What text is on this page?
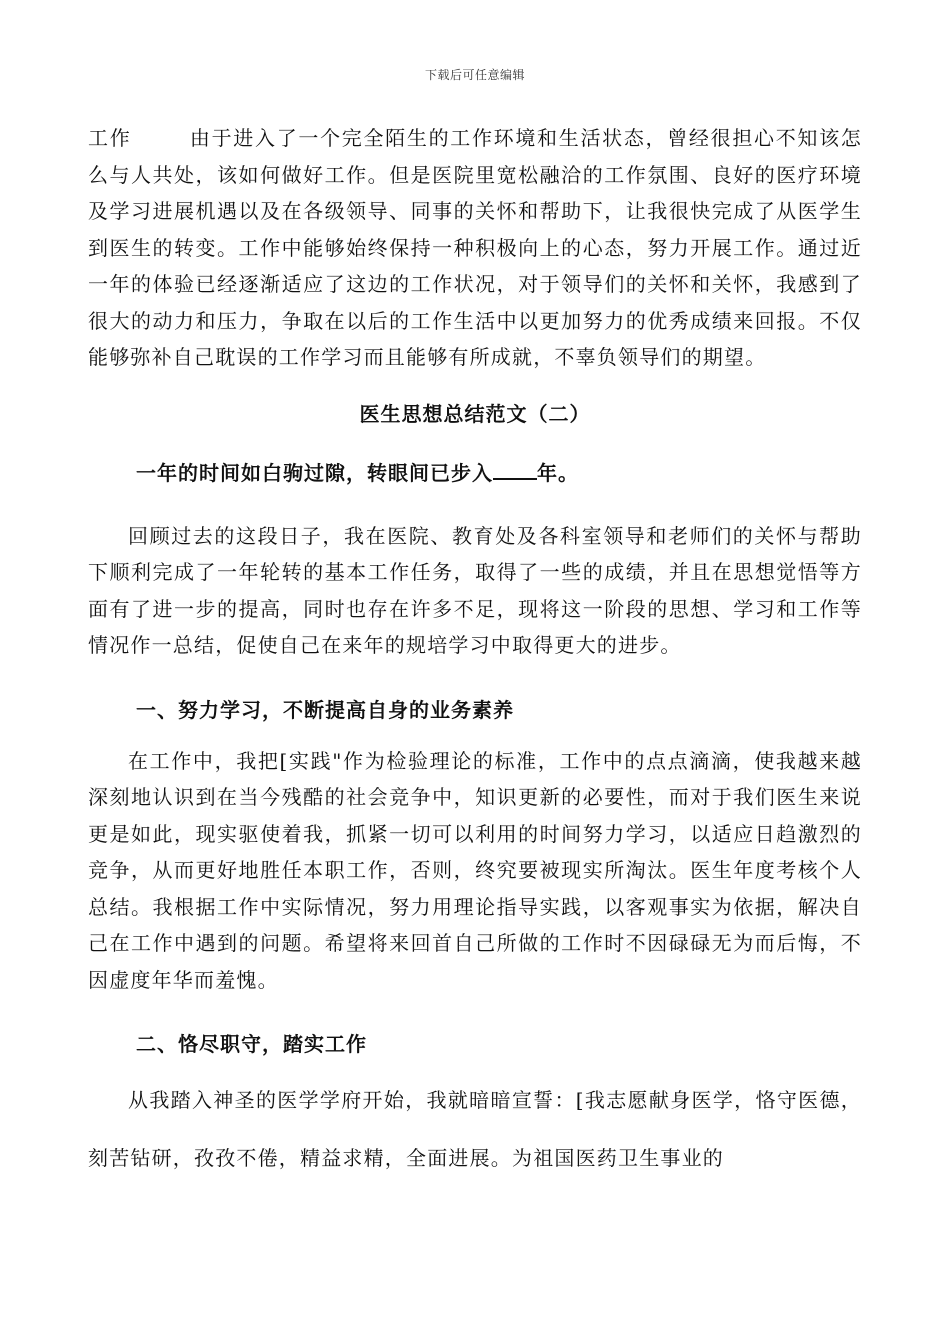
下载后可任意编辑

工作	由于进入了一个完全陌生的工作环境和生活状态，曾经很担心不知该怎么与人共处，该如何做好工作。但是医院里宽松融洽的工作氛围、良好的医疗环境及学习进展机遇以及在各级领导、同事的关怀和帮助下，让我很快完成了从医学生到医生的转变。工作中能够始终保持一种积极向上的心态，努力开展工作。通过近一年的体验已经逐渐适应了这边的工作状况，对于领导们的关怀和关怀，我感到了很大的动力和压力，争取在以后的工作生活中以更加努力的优秀成绩来回报。不仅能够弥补自己耽误的工作学习而且能够有所成就，不辜负领导们的期望。

医生思想总结范文（二）

一年的时间如白驹过隙，转眼间已步入 年。

回顾过去的这段日子，我在医院、教育处及各科室领导和老师们的关怀与帮助下顺利完成了一年轮转的基本工作任务，取得了一些的成绩，并且在思想觉悟等方面有了进一步的提高，同时也存在许多不足，现将这一阶段的思想、学习和工作等情况作一总结，促使自己在来年的规培学习中取得更大的进步。

一、努力学习，不断提高自身的业务素养

在工作中，我把[实践"作为检验理论的标准，工作中的点点滴滴，使我越来越深刻地认识到在当今残酷的社会竞争中，知识更新的必要性，而对于我们医生来说更是如此，现实驱使着我，抓紧一切可以利用的时间努力学习，以适应日趋激烈的竞争，从而更好地胜任本职工作，否则，终究要被现实所淘汰。医生年度考核个人总结。我根据工作中实际情况，努力用理论指导实践，以客观事实为依据，解决自己在工作中遇到的问题。希望将来回首自己所做的工作时不因碌碌无为而后悔，不因虚度年华而羞愧。

二、恪尽职守，踏实工作

从我踏入神圣的医学学府开始，我就暗暗宣誓：[我志愿献身医学，恪守医德，刻苦钻研，孜孜不倦，精益求精，全面进展。为祖国医药卫生事业的
